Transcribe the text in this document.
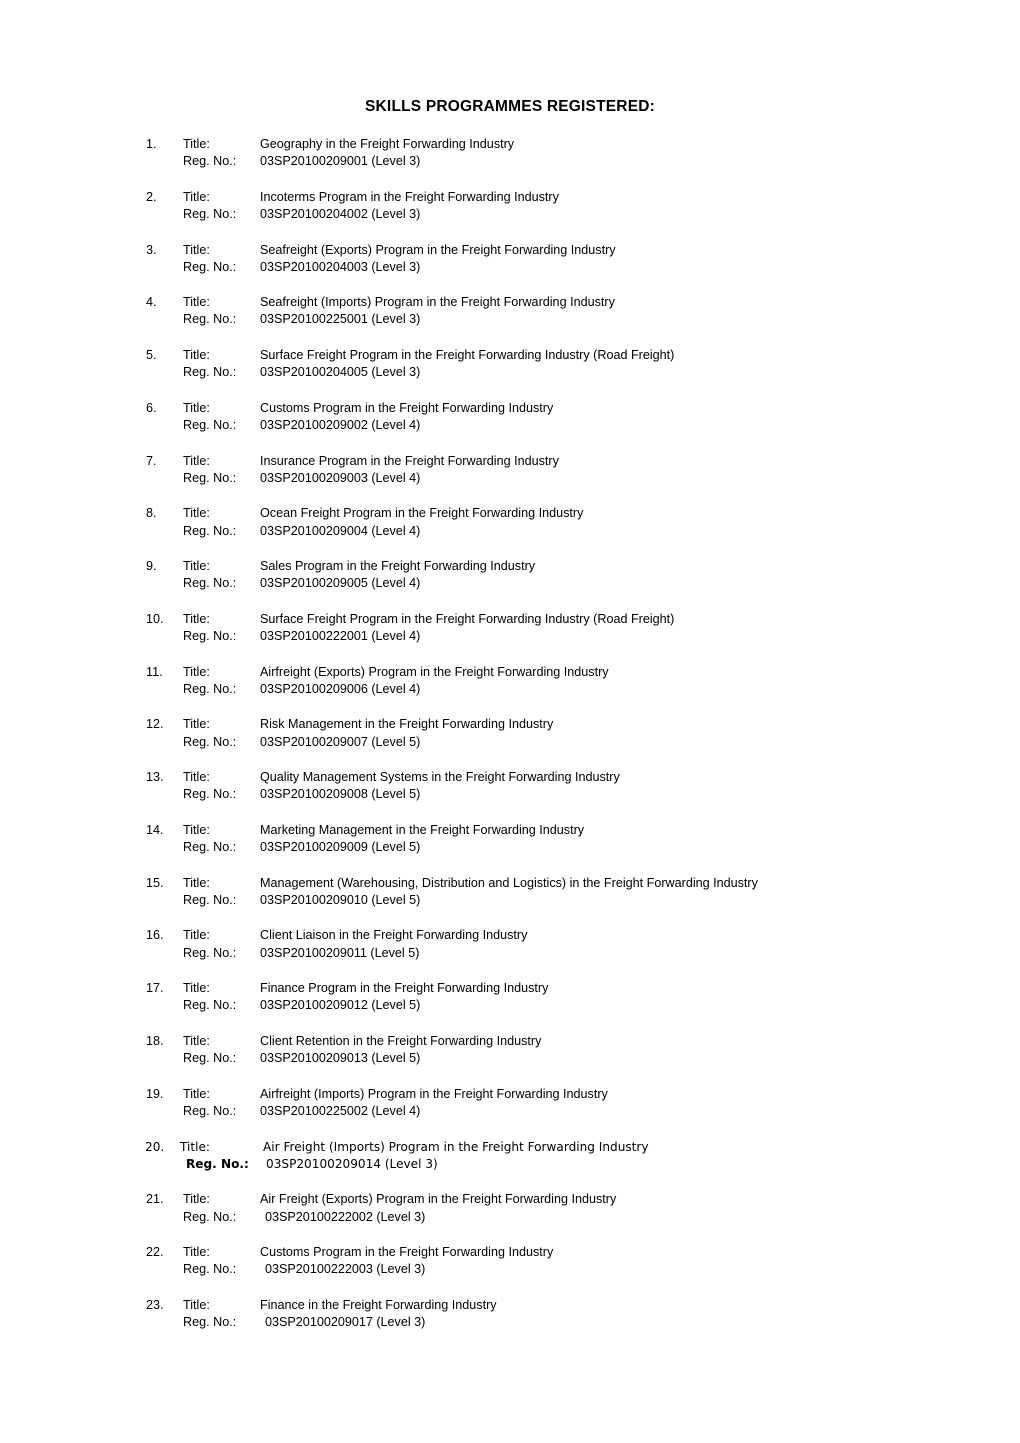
SKILLS PROGRAMMES REGISTERED:
1.	Title:	Geography in the Freight Forwarding Industry
Reg. No.: 03SP20100209001 (Level 3)
2.	Title:	Incoterms Program in the Freight Forwarding Industry
Reg. No.: 03SP20100204002 (Level 3)
3.	Title:	Seafreight (Exports) Program in the Freight Forwarding Industry
Reg. No.: 03SP20100204003 (Level 3)
4.	Title:	Seafreight (Imports) Program in the Freight Forwarding Industry
Reg. No.: 03SP20100225001 (Level 3)
5.	Title:	Surface Freight Program in the Freight Forwarding Industry (Road Freight)
Reg. No.: 03SP20100204005 (Level 3)
6.	Title:	Customs Program in the Freight Forwarding Industry
Reg. No.: 03SP20100209002 (Level 4)
7.	Title:	Insurance Program in the Freight Forwarding Industry
Reg. No.: 03SP20100209003 (Level 4)
8.	Title:	Ocean Freight Program in the Freight Forwarding Industry
Reg. No.: 03SP20100209004 (Level 4)
9.	Title:	Sales Program in the Freight Forwarding Industry
Reg. No.: 03SP20100209005 (Level 4)
10.	Title:	Surface Freight Program in the Freight Forwarding Industry (Road Freight)
Reg. No.: 03SP20100222001 (Level 4)
11.	Title:	Airfreight (Exports) Program in the Freight Forwarding Industry
Reg. No.: 03SP20100209006 (Level 4)
12.	Title:	Risk Management in the Freight Forwarding Industry
Reg. No.: 03SP20100209007 (Level 5)
13.	Title:	Quality Management Systems in the Freight Forwarding Industry
Reg. No.: 03SP20100209008 (Level 5)
14.	Title:	Marketing Management in the Freight Forwarding Industry
Reg. No.: 03SP20100209009 (Level 5)
15.	Title:	Management (Warehousing, Distribution and Logistics) in the Freight Forwarding Industry
Reg. No.: 03SP20100209010 (Level 5)
16.	Title:	Client Liaison in the Freight Forwarding Industry
Reg. No.: 03SP20100209011 (Level 5)
17.	Title:	Finance Program in the Freight Forwarding Industry
Reg. No.: 03SP20100209012 (Level 5)
18.	Title:	Client Retention in the Freight Forwarding Industry
Reg. No.: 03SP20100209013 (Level 5)
19.	Title:	Airfreight (Imports) Program in the Freight Forwarding Industry
Reg. No.: 03SP20100225002 (Level 4)
20.	Title:	Air Freight (Imports) Program in the Freight Forwarding Industry
Reg. No.: 03SP20100209014 (Level 3)
21.	Title:	Air Freight (Exports) Program in the Freight Forwarding Industry
Reg. No.: 03SP20100222002 (Level 3)
22.	Title:	Customs Program in the Freight Forwarding Industry
Reg. No.: 03SP20100222003 (Level 3)
23.	Title:	Finance in the Freight Forwarding Industry
Reg. No.: 03SP20100209017 (Level 3)
